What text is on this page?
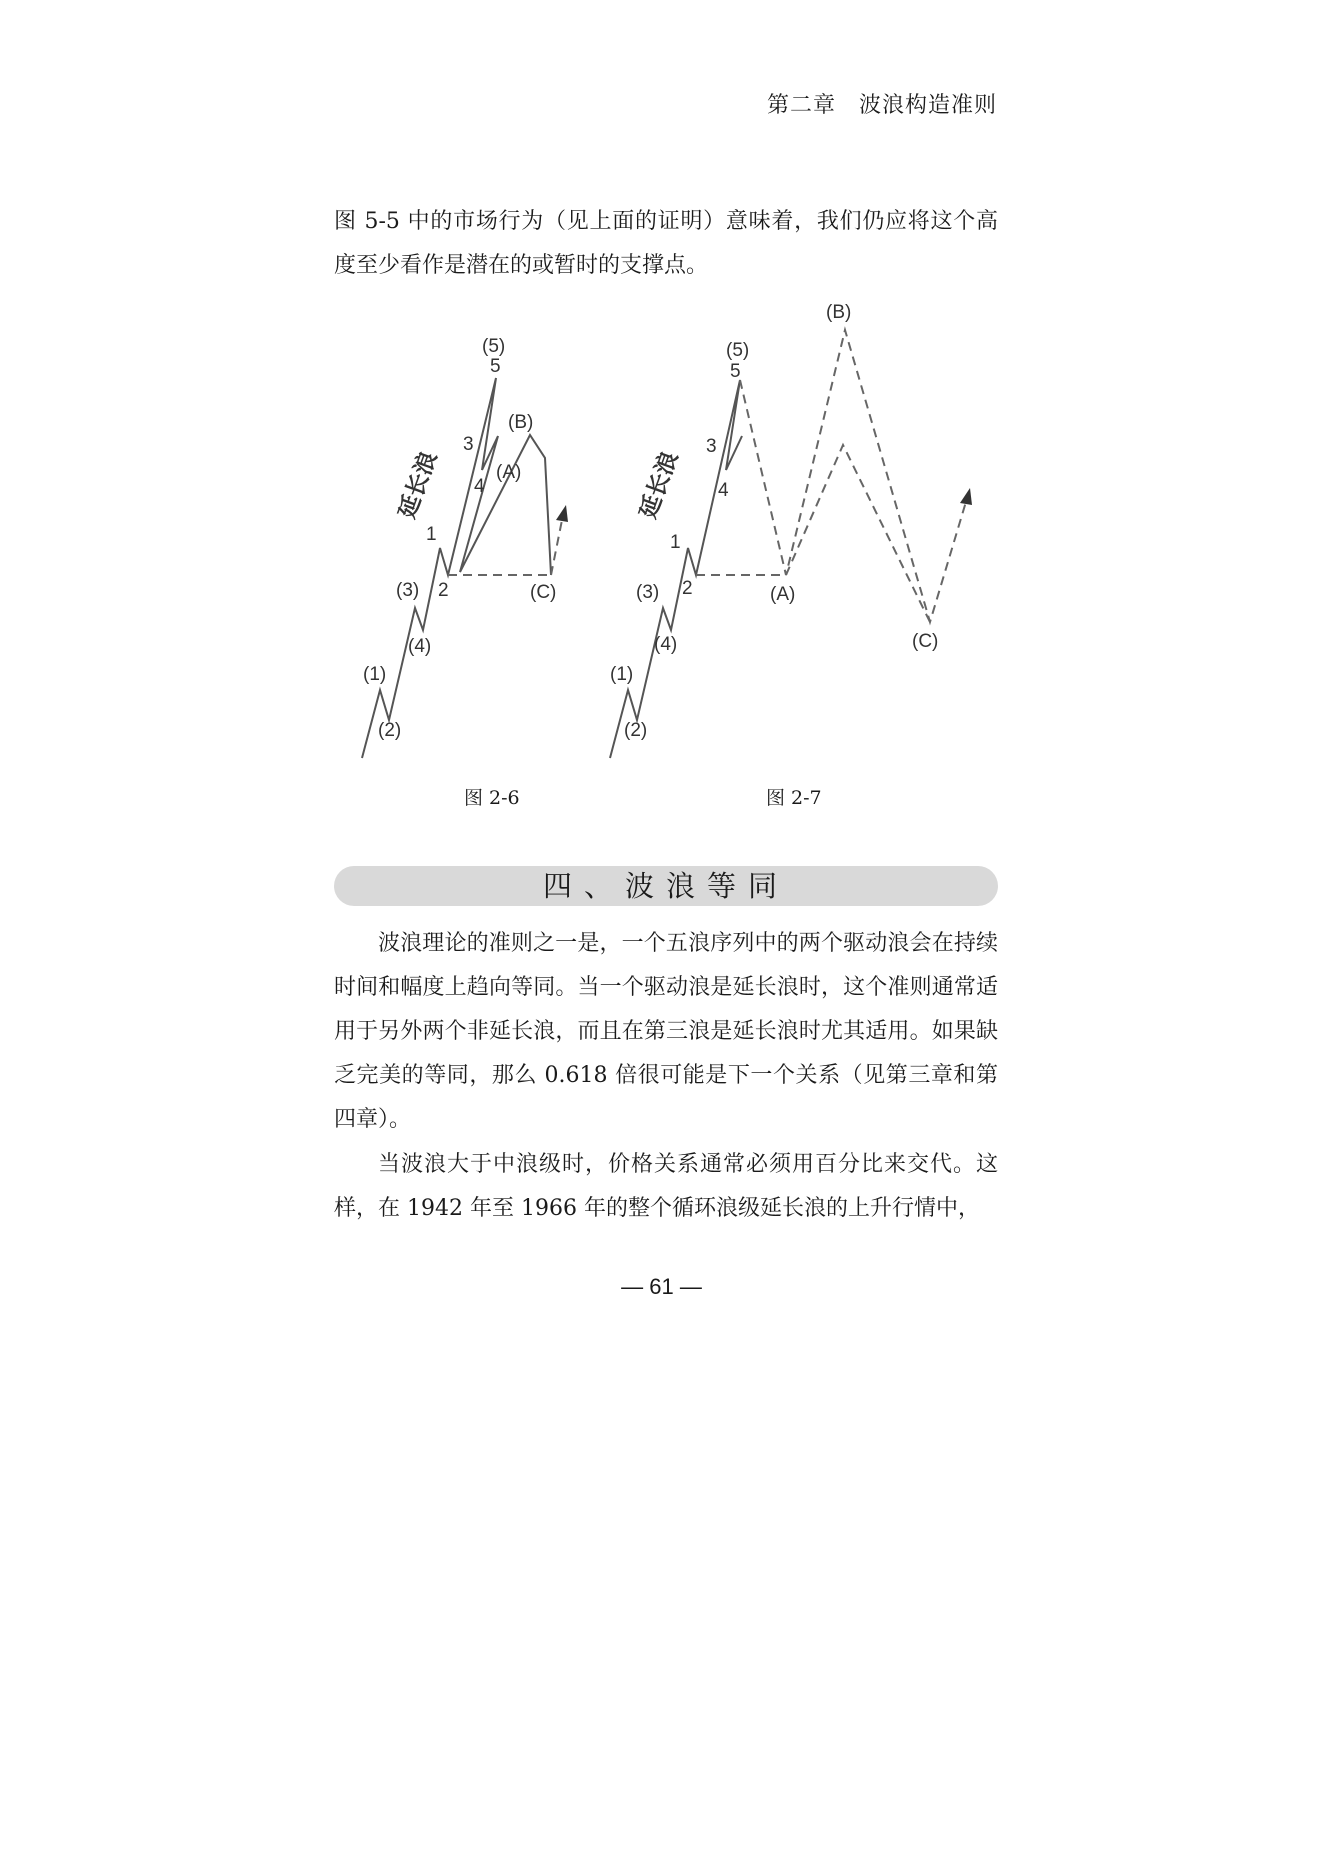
第二章　波浪构造准则

图 5-5 中的市场行为（见上面的证明）意味着，我们仍应将这个高度至少看作是潜在的或暂时的支撑点。

延长浪
(1)
(2)
(3)
(4)
1
2
3
4
5
(5)
(B)
(A)
(C)
延长浪
(1)
(2)
(3)
(4)
1
2
3
4
5
(5)
(B)
(A)
(C)
图 2-6	图 2-7
四、波浪等同

波浪理论的准则之一是，一个五浪序列中的两个驱动浪会在持续时间和幅度上趋向等同。当一个驱动浪是延长浪时，这个准则通常适用于另外两个非延长浪，而且在第三浪是延长浪时尤其适用。如果缺乏完美的等同，那么 0.618 倍很可能是下一个关系（见第三章和第四章）。

当波浪大于中浪级时，价格关系通常必须用百分比来交代。这样，在 1942 年至 1966 年的整个循环浪级延长浪的上升行情中，

— 61 —
